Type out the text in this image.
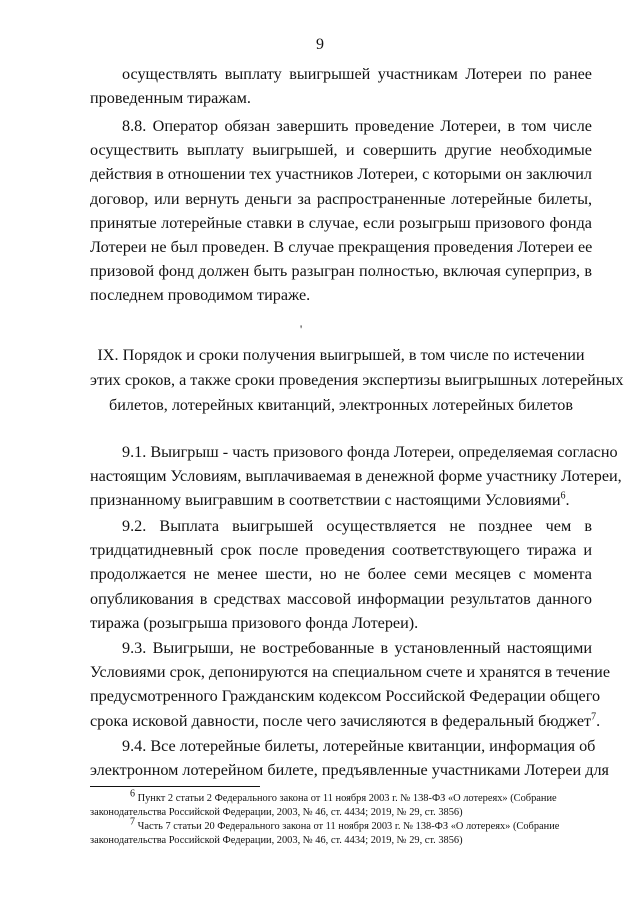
9
осуществлять выплату выигрышей участникам Лотереи по ранее
проведенным тиражам.
8.8. Оператор обязан завершить проведение Лотереи, в том числе
осуществить выплату выигрышей, и совершить другие необходимые
действия в отношении тех участников Лотереи, с которыми он заключил
договор, или вернуть деньги за распространенные лотерейные билеты,
принятые лотерейные ставки в случае, если розыгрыш призового фонда
Лотереи не был проведен. В случае прекращения проведения Лотереи ее
призовой фонд должен быть разыгран полностью, включая суперприз, в
последнем проводимом тираже.
'
IX. Порядок и сроки получения выигрышей, в том числе по истечении
этих сроков, а также сроки проведения экспертизы выигрышных лотерейных
билетов, лотерейных квитанций, электронных лотерейных билетов
9.1. Выигрыш - часть призового фонда Лотереи, определяемая согласно
настоящим Условиям, выплачиваемая в денежной форме участнику Лотереи,
признанному выигравшим в соответствии с настоящими Условиями$^6$.
9.2. Выплата выигрышей осуществляется не позднее чем в
тридцатидневный срок после проведения соответствующего тиража и
продолжается не менее шести, но не более семи месяцев с момента
опубликования в средствах массовой информации результатов данного
тиража (розыгрыша призового фонда Лотереи).
9.3. Выигрыши, не востребованные в установленный настоящими
Условиями срок, депонируются на специальном счете и хранятся в течение
предусмотренного Гражданским кодексом Российской Федерации общего
срока исковой давности, после чего зачисляются в федеральный бюджет$^7$.
9.4. Все лотерейные билеты, лотерейные квитанции, информация об
электронном лотерейном билете, предъявленные участниками Лотереи для
$^6$ Пункт 2 статьи 2 Федерального закона от 11 ноября 2003 г. № 138-ФЗ «О лотереях» (Собрание
законодательства Российской Федерации, 2003, № 46, ст. 4434; 2019, № 29, ст. 3856)
$^7$ Часть 7 статьи 20 Федерального закона от 11 ноября 2003 г. № 138-ФЗ «О лотереях» (Собрание
законодательства Российской Федерации, 2003, № 46, ст. 4434; 2019, № 29, ст. 3856)
